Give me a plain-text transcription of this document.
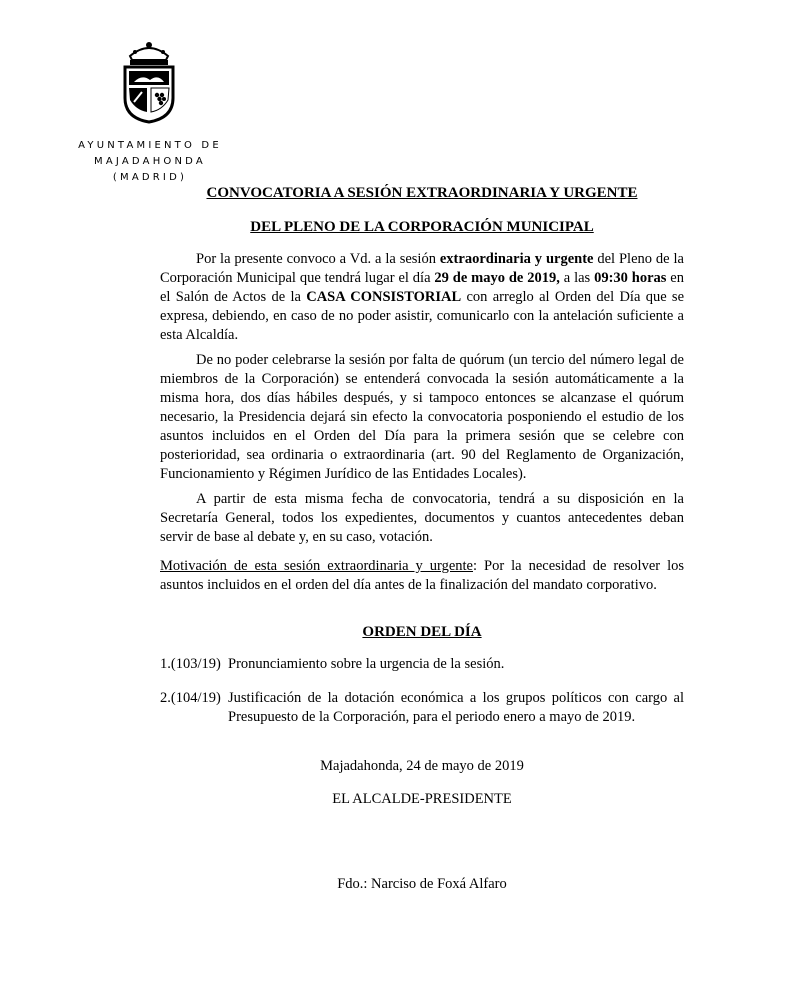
AYUNTAMIENTO DE
MAJADAHONDA
(MADRID)
CONVOCATORIA A SESIÓN EXTRAORDINARIA Y URGENTE
DEL PLENO DE LA CORPORACIÓN MUNICIPAL

Por la presente convoco a Vd. a la sesión extraordinaria y urgente del Pleno de la Corporación Municipal que tendrá lugar el día 29 de mayo de 2019, a las 09:30 horas en el Salón de Actos de la CASA CONSISTORIAL con arreglo al Orden del Día que se expresa, debiendo, en caso de no poder asistir, comunicarlo con la antelación suficiente a esta Alcaldía.

De no poder celebrarse la sesión por falta de quórum (un tercio del número legal de miembros de la Corporación) se entenderá convocada la sesión automáticamente a la misma hora, dos días hábiles después, y si tampoco entonces se alcanzase el quórum necesario, la Presidencia dejará sin efecto la convocatoria posponiendo el estudio de los asuntos incluidos en el Orden del Día para la primera sesión que se celebre con posterioridad, sea ordinaria o extraordinaria (art. 90 del Reglamento de Organización, Funcionamiento y Régimen Jurídico de las Entidades Locales).

A partir de esta misma fecha de convocatoria, tendrá a su disposición en la Secretaría General, todos los expedientes, documentos y cuantos antecedentes deban servir de base al debate y, en su caso, votación.

Motivación de esta sesión extraordinaria y urgente: Por la necesidad de resolver los asuntos incluidos en el orden del día antes de la finalización del mandato corporativo.

ORDEN DEL DÍA
1.(103/19) Pronunciamiento sobre la urgencia de la sesión.
2.(104/19) Justificación de la dotación económica a los grupos políticos con cargo al Presupuesto de la Corporación, para el periodo enero a mayo de 2019.
Majadahonda, 24 de mayo de 2019
EL ALCALDE-PRESIDENTE
Fdo.: Narciso de Foxá Alfaro
